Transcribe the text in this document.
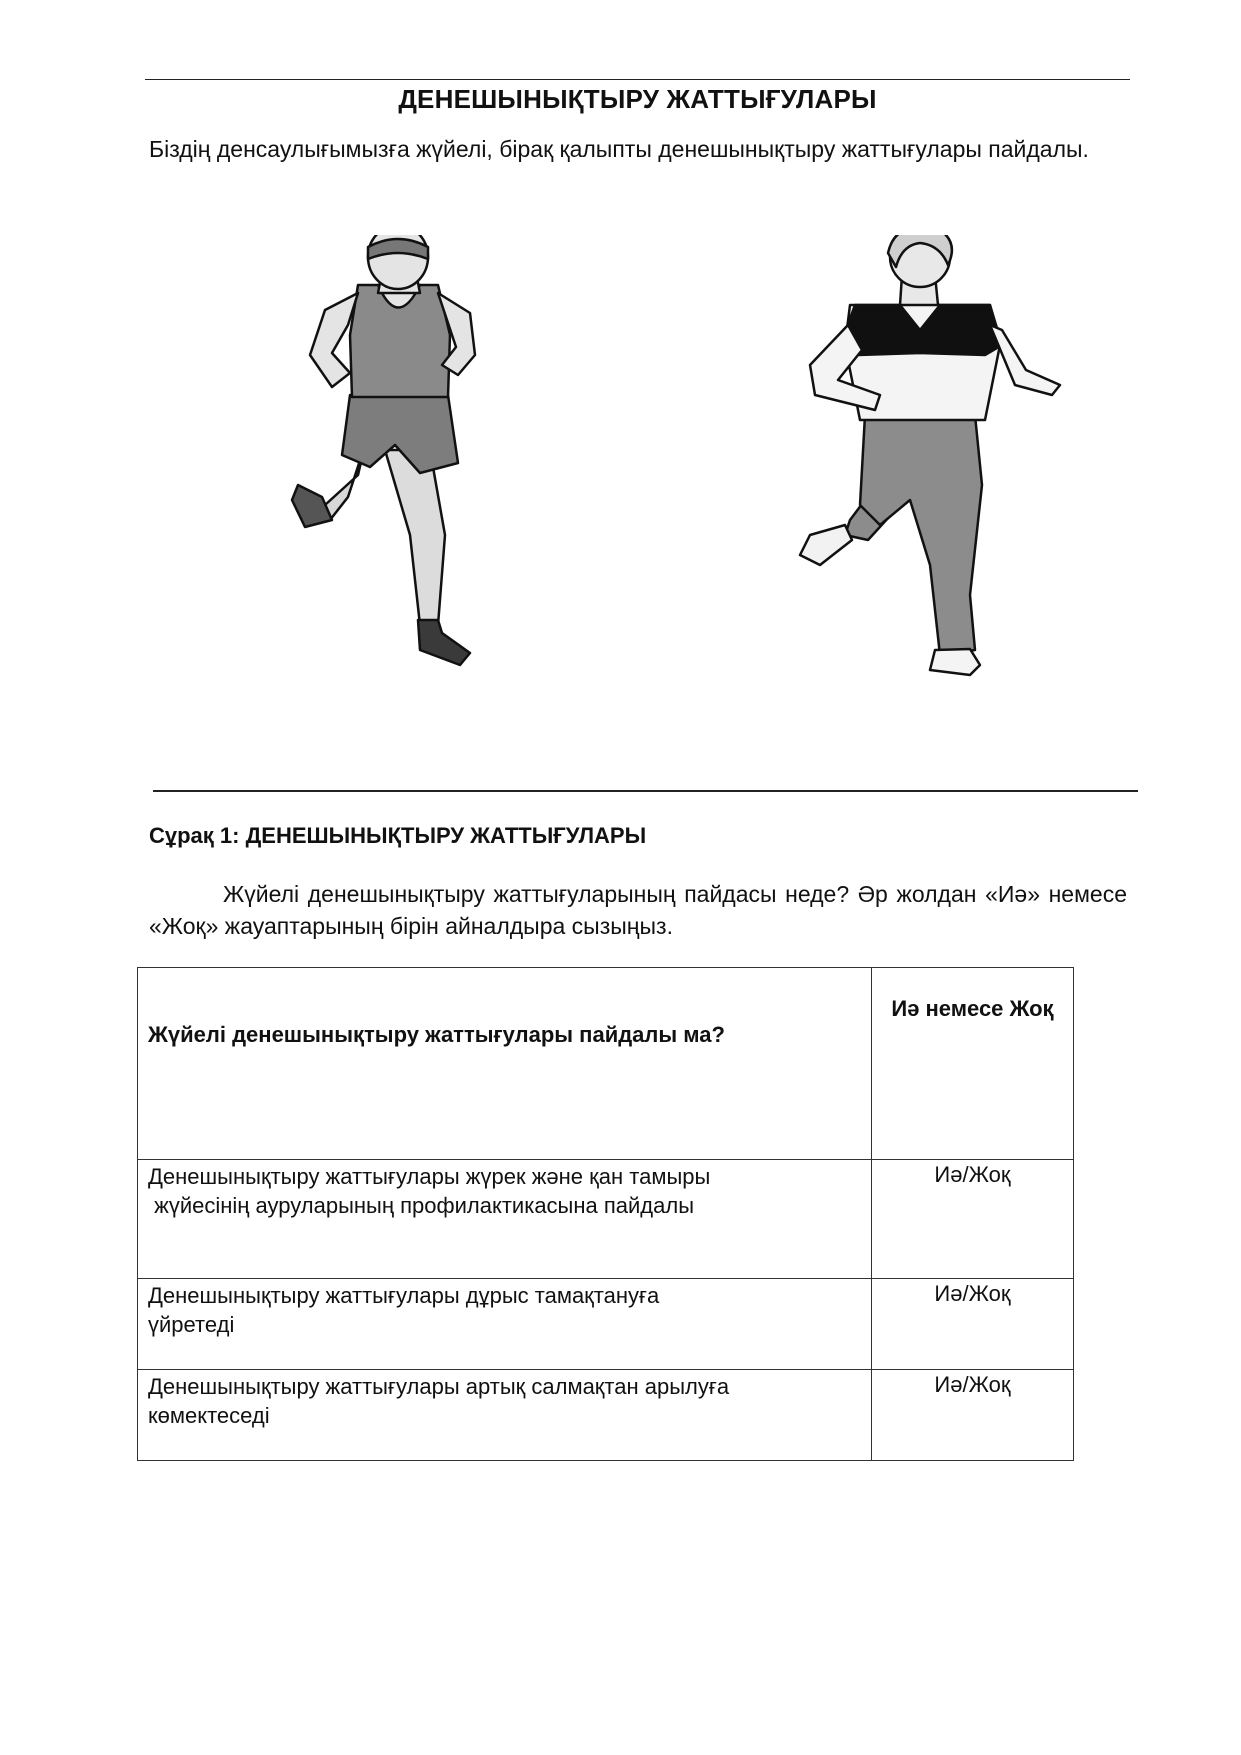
ДЕНЕШЫНЫҚТЫРУ ЖАТТЫҒУЛАРЫ
Біздің денсаулығымызға жүйелі, бірақ қалыпты денешынықтыру жаттығулары пайдалы.
Сұрақ 1: ДЕНЕШЫНЫҚТЫРУ ЖАТТЫҒУЛАРЫ
Жүйелі денешынықтыру жаттығуларының пайдасы неде? Әр жолдан «Иә» немесе «Жоқ» жауаптарының бірін айналдыра сызыңыз.
Жүйелі денешынықтыру жаттығулары пайдалы ма?	Иә немесе Жоқ
Денешынықтыру жаттығулары жүрек және қан тамыры
жүйесінің ауруларының профилактикасына пайдалы	Иә/Жоқ
Денешынықтыру жаттығулары дұрыс тамақтануға
үйретеді	Иә/Жоқ
Денешынықтыру жаттығулары артық салмақтан арылуға
көмектеседі	Иә/Жоқ
